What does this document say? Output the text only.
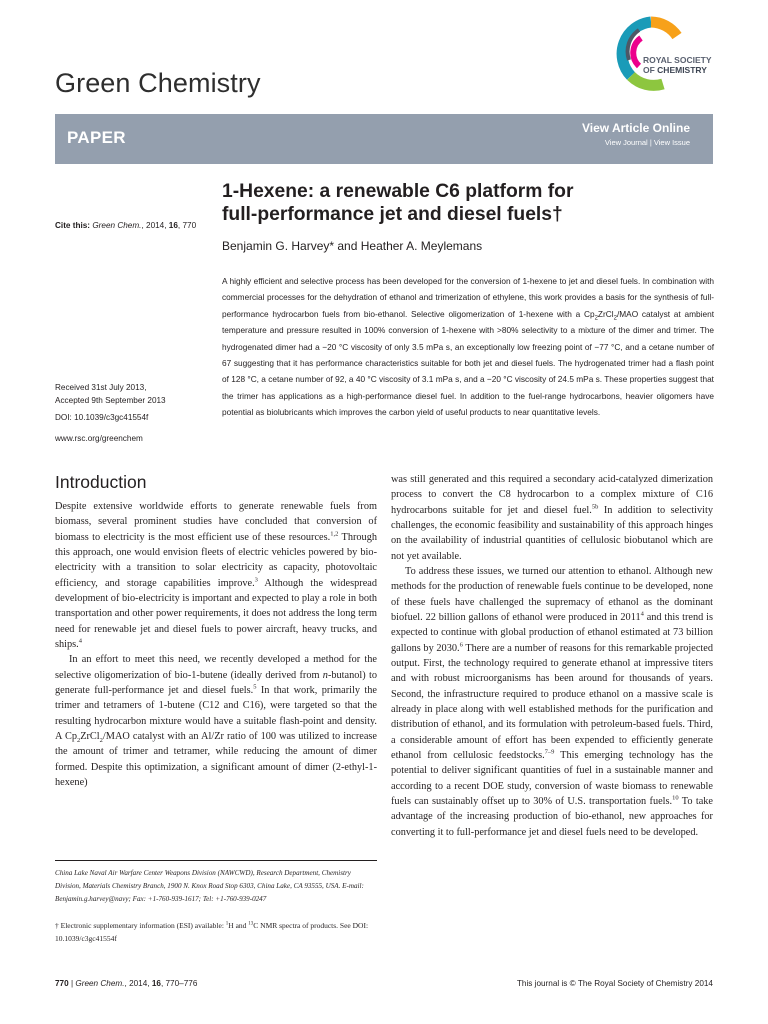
Green Chemistry
ROYAL SOCIETY
OF CHEMISTRY
PAPER	View Article Online
View Journal | View Issue
1-Hexene: a renewable C6 platform for
full-performance jet and diesel fuels†
Cite this: Green Chem., 2014, 16, 770
Benjamin G. Harvey* and Heather A. Meylemans
A highly efficient and selective process has been developed for the conversion of 1-hexene to jet and diesel fuels. In combination with commercial processes for the dehydration of ethanol and trimerization of ethylene, this work provides a basis for the synthesis of full-performance hydrocarbon fuels from bio-ethanol. Selective oligomerization of 1-hexene with a $Cp_2ZrCl_2$/MAO catalyst at ambient temperature and pressure resulted in 100% conversion of 1-hexene with >80% selectivity to a mixture of the dimer and trimer. The hydrogenated dimer had a −20 °C viscosity of only 3.5 mPa s, an exceptionally low freezing point of −77 °C, and a cetane number of 67 suggesting that it has performance characteristics suitable for both jet and diesel fuels. The hydrogenated trimer had a flash point of 128 °C, a cetane number of 92, a 40 °C viscosity of 3.1 mPa s, and a −20 °C viscosity of 24.5 mPa s. These properties suggest that the trimer has applications as a high-performance diesel fuel. In addition to the fuel-range hydrocarbons, heavier oligomers have potential as biolubricants which improves the carbon yield of useful products to near quantitative levels.
Received 31st July 2013,
Accepted 9th September 2013
DOI: 10.1039/c3gc41554f
www.rsc.org/greenchem
Introduction

Despite extensive worldwide efforts to generate renewable fuels from biomass, several prominent studies have concluded that conversion of biomass to electricity is the most efficient use of these resources.$^{1,2}$ Through this approach, one would envision fleets of electric vehicles powered by bio-electricity with a transition to solar electricity as capacity, photovoltaic efficiency, and storage capabilities improve.$^3$ Although the widespread development of bio-electricity is important and expected to play a role in both transportation and other power requirements, it does not address the long term need for renewable jet and diesel fuels to power aircraft, heavy trucks, and ships.$^4$

In an effort to meet this need, we recently developed a method for the selective oligomerization of bio-1-butene (ideally derived from n-butanol) to generate full-performance jet and diesel fuels.$^5$ In that work, primarily the trimer and tetramers of 1-butene (C12 and C16), were targeted so that the resulting hydrocarbon mixture would have a suitable flash-point and density. A $Cp_2ZrCl_2$/MAO catalyst with an Al/Zr ratio of 100 was utilized to increase the amount of trimer and tetramer, while reducing the amount of dimer formed. Despite this optimization, a significant amount of dimer (2-ethyl-1-hexene)

was still generated and this required a secondary acid-catalyzed dimerization process to convert the C8 hydrocarbon to a complex mixture of C16 hydrocarbons suitable for jet and diesel fuel.$^{5b}$ In addition to selectivity challenges, the economic feasibility and sustainability of this approach hinges on the availability of industrial quantities of cellulosic biobutanol which are not yet available.

To address these issues, we turned our attention to ethanol. Although new methods for the production of renewable fuels continue to be developed, none of these fuels have challenged the supremacy of ethanol as the dominant biofuel. 22 billion gallons of ethanol were produced in 2011$^4$ and this trend is expected to continue with global production of ethanol estimated at 73 billion gallons by 2030.$^6$ There are a number of reasons for this remarkable projected output. First, the technology required to generate ethanol at impressive titers and with robust microorganisms has been around for thousands of years. Second, the infrastructure required to produce ethanol on a massive scale is already in place along with well established methods for the purification and distribution of ethanol, and its formulation with petroleum-based fuels. Third, a considerable amount of effort has been expended to efficiently generate ethanol from cellulosic feedstocks.$^{7-9}$ This emerging technology has the potential to deliver significant quantities of fuel in a sustainable manner and according to a recent DOE study, conversion of waste biomass to renewable fuels can sustainably offset up to 30% of U.S. transportation fuels.$^{10}$ To take advantage of the increasing production of bio-ethanol, new approaches for converting it to full-performance jet and diesel fuels need to be developed.

China Lake Naval Air Warfare Center Weapons Division (NAWCWD), Research Department, Chemistry Division, Materials Chemistry Branch, 1900 N. Knox Road Stop 6303, China Lake, CA 93555, USA. E-mail: Benjamin.g.harvey@navy; Fax: +1-760-939-1617; Tel: +1-760-939-0247
† Electronic supplementary information (ESI) available: $^1$H and $^{13}$C NMR spectra of products. See DOI: 10.1039/c3gc41554f
770 | Green Chem., 2014, 16, 770–776	This journal is © The Royal Society of Chemistry 2014
